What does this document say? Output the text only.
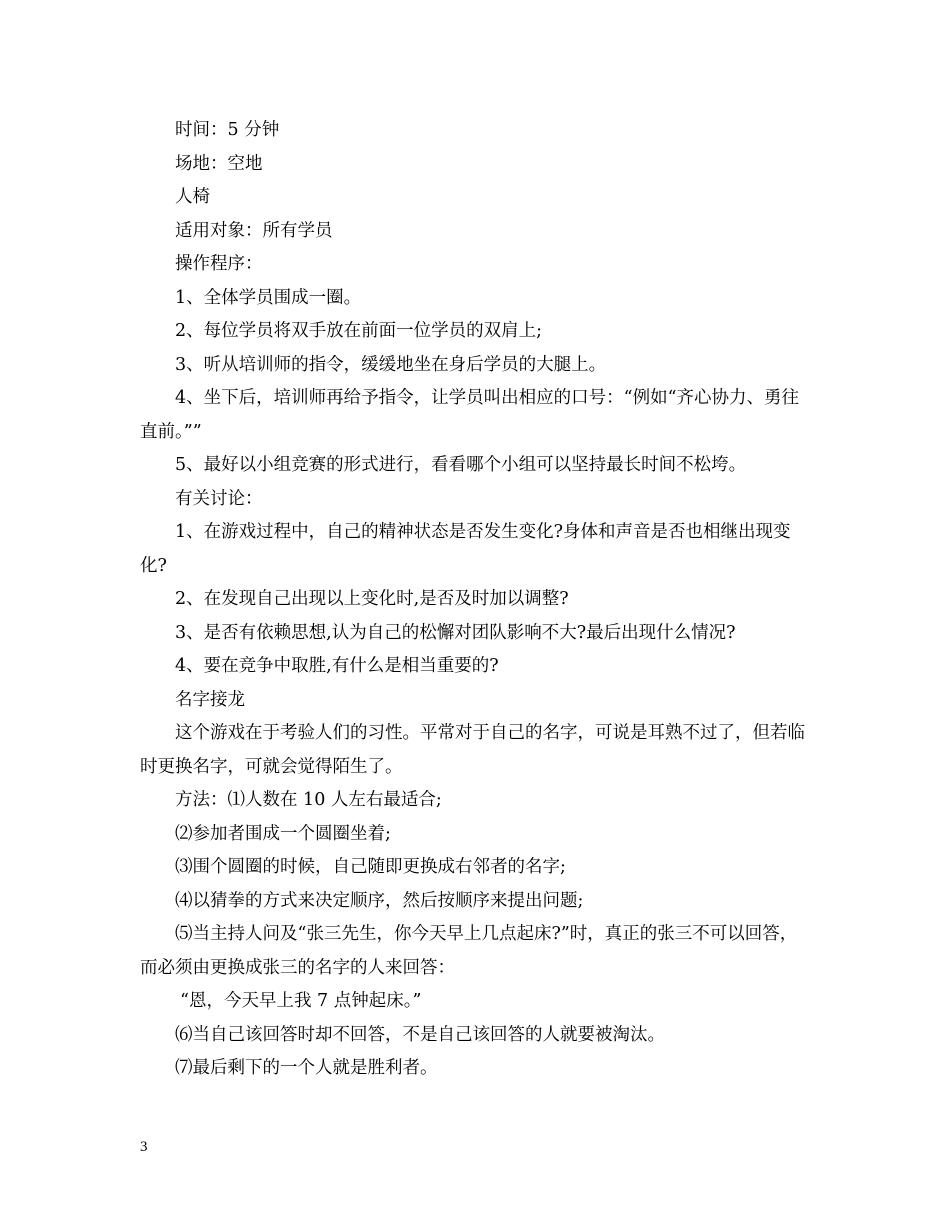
时间：5 分钟

场地：空地

人椅

适用对象：所有学员

操作程序：

1、全体学员围成一圈。

2、每位学员将双手放在前面一位学员的双肩上;

3、听从培训师的指令，缓缓地坐在身后学员的大腿上。

4、坐下后，培训师再给予指令，让学员叫出相应的口号：“例如“齐心协力、勇往直前。””

5、最好以小组竞赛的形式进行，看看哪个小组可以坚持最长时间不松垮。

有关讨论：

1、在游戏过程中，自己的精神状态是否发生变化?身体和声音是否也相继出现变化?

2、在发现自己出现以上变化时,是否及时加以调整?

3、是否有依赖思想,认为自己的松懈对团队影响不大?最后出现什么情况?

4、要在竞争中取胜,有什么是相当重要的?

名字接龙

这个游戏在于考验人们的习性。平常对于自己的名字，可说是耳熟不过了，但若临时更换名字，可就会觉得陌生了。

方法：⑴人数在 10 人左右最适合;

⑵参加者围成一个圆圈坐着;

⑶围个圆圈的时候，自己随即更换成右邻者的名字;

⑷以猜拳的方式来决定顺序，然后按顺序来提出问题;

⑸当主持人问及“张三先生，你今天早上几点起床?”时，真正的张三不可以回答，而必须由更换成张三的名字的人来回答：

“恩，今天早上我 7 点钟起床。”

⑹当自己该回答时却不回答，不是自己该回答的人就要被淘汰。

⑺最后剩下的一个人就是胜利者。

3
